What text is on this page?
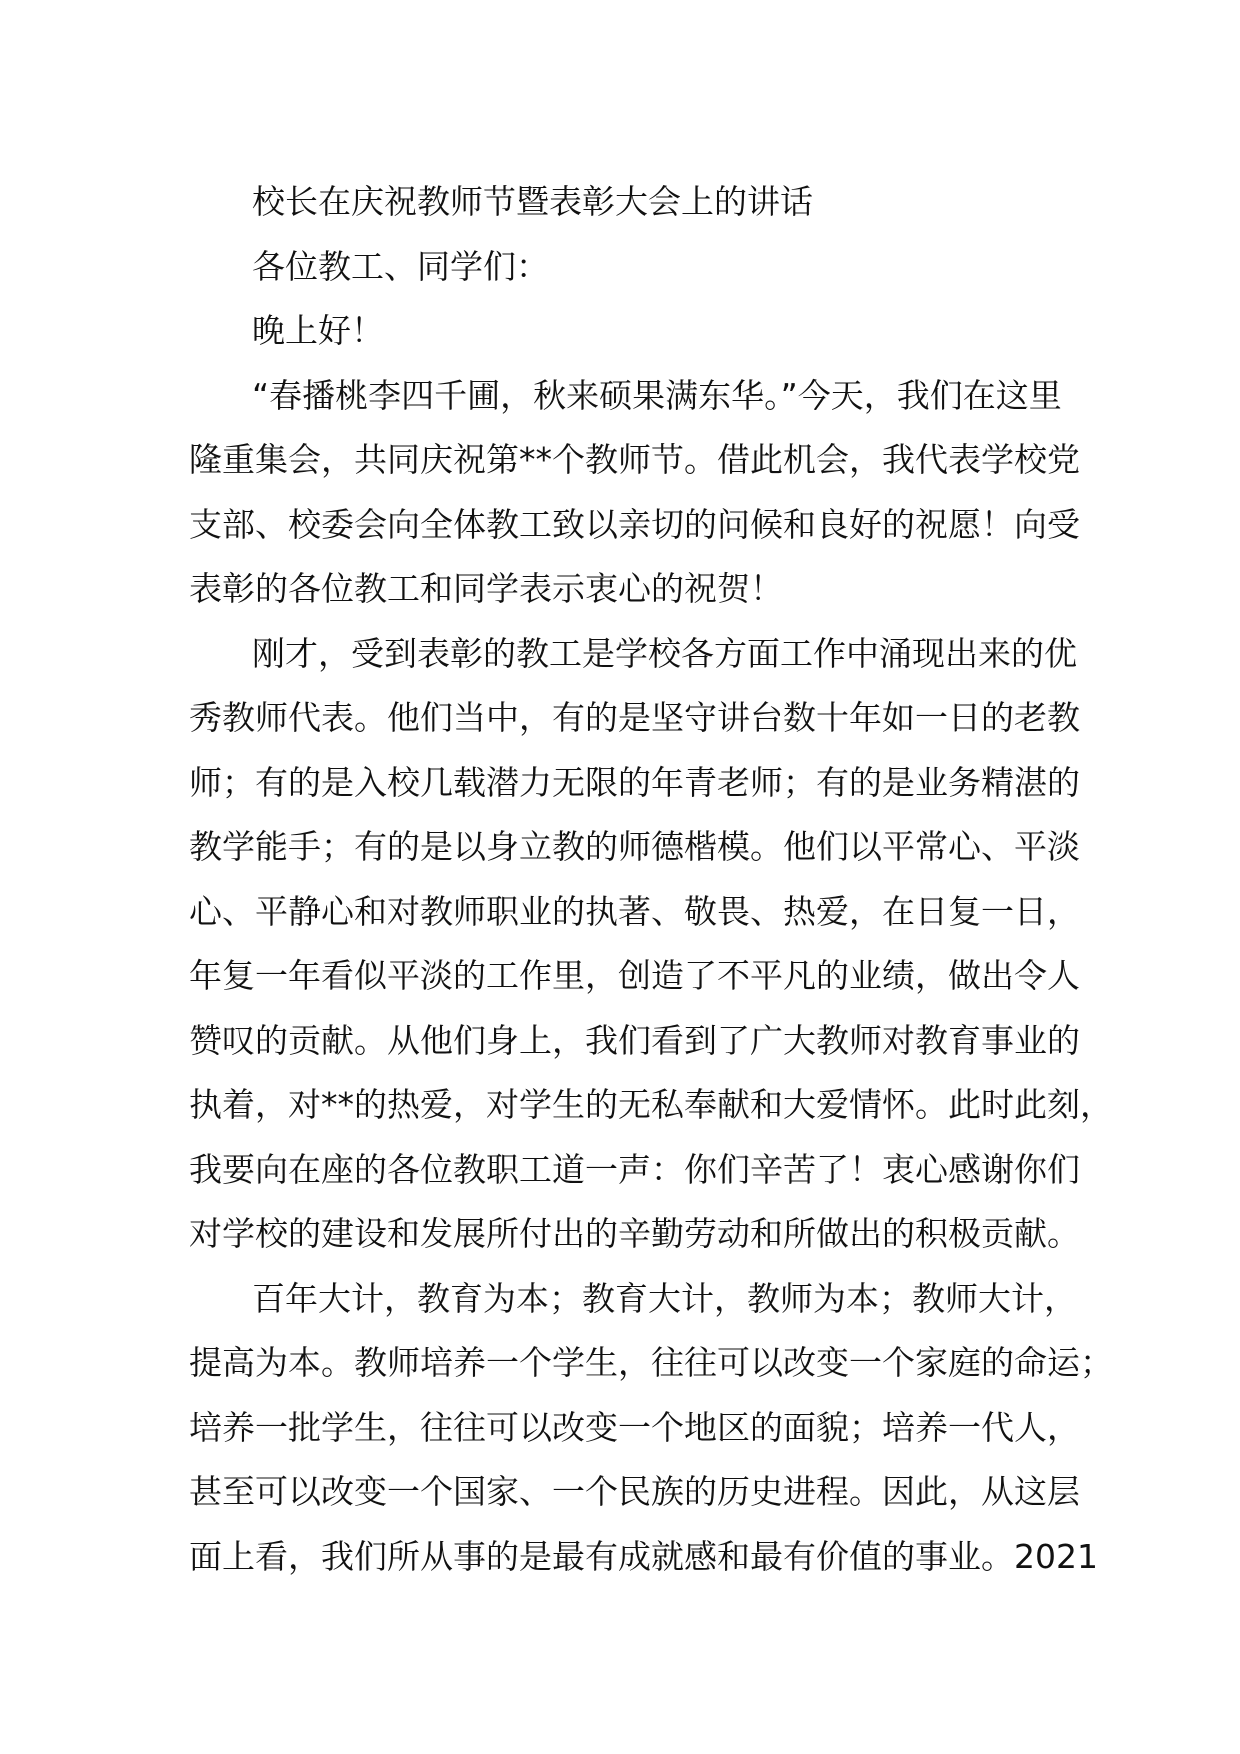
校长在庆祝教师节暨表彰大会上的讲话
各位教工、同学们：
晚上好！
“春播桃李四千圃，秋来硕果满东华。”今天，我们在这里
隆重集会，共同庆祝第**个教师节。借此机会，我代表学校党
支部、校委会向全体教工致以亲切的问候和良好的祝愿！向受
表彰的各位教工和同学表示衷心的祝贺！
刚才，受到表彰的教工是学校各方面工作中涌现出来的优
秀教师代表。他们当中，有的是坚守讲台数十年如一日的老教
师；有的是入校几载潜力无限的年青老师；有的是业务精湛的
教学能手；有的是以身立教的师德楷模。他们以平常心、平淡
心、平静心和对教师职业的执著、敬畏、热爱，在日复一日，
年复一年看似平淡的工作里，创造了不平凡的业绩，做出令人
赞叹的贡献。从他们身上，我们看到了广大教师对教育事业的
执着，对**的热爱，对学生的无私奉献和大爱情怀。此时此刻，
我要向在座的各位教职工道一声：你们辛苦了！衷心感谢你们
对学校的建设和发展所付出的辛勤劳动和所做出的积极贡献。
百年大计，教育为本；教育大计，教师为本；教师大计，
提高为本。教师培养一个学生，往往可以改变一个家庭的命运；
培养一批学生，往往可以改变一个地区的面貌；培养一代人，
甚至可以改变一个国家、一个民族的历史进程。因此，从这层
面上看，我们所从事的是最有成就感和最有价值的事业。2021
